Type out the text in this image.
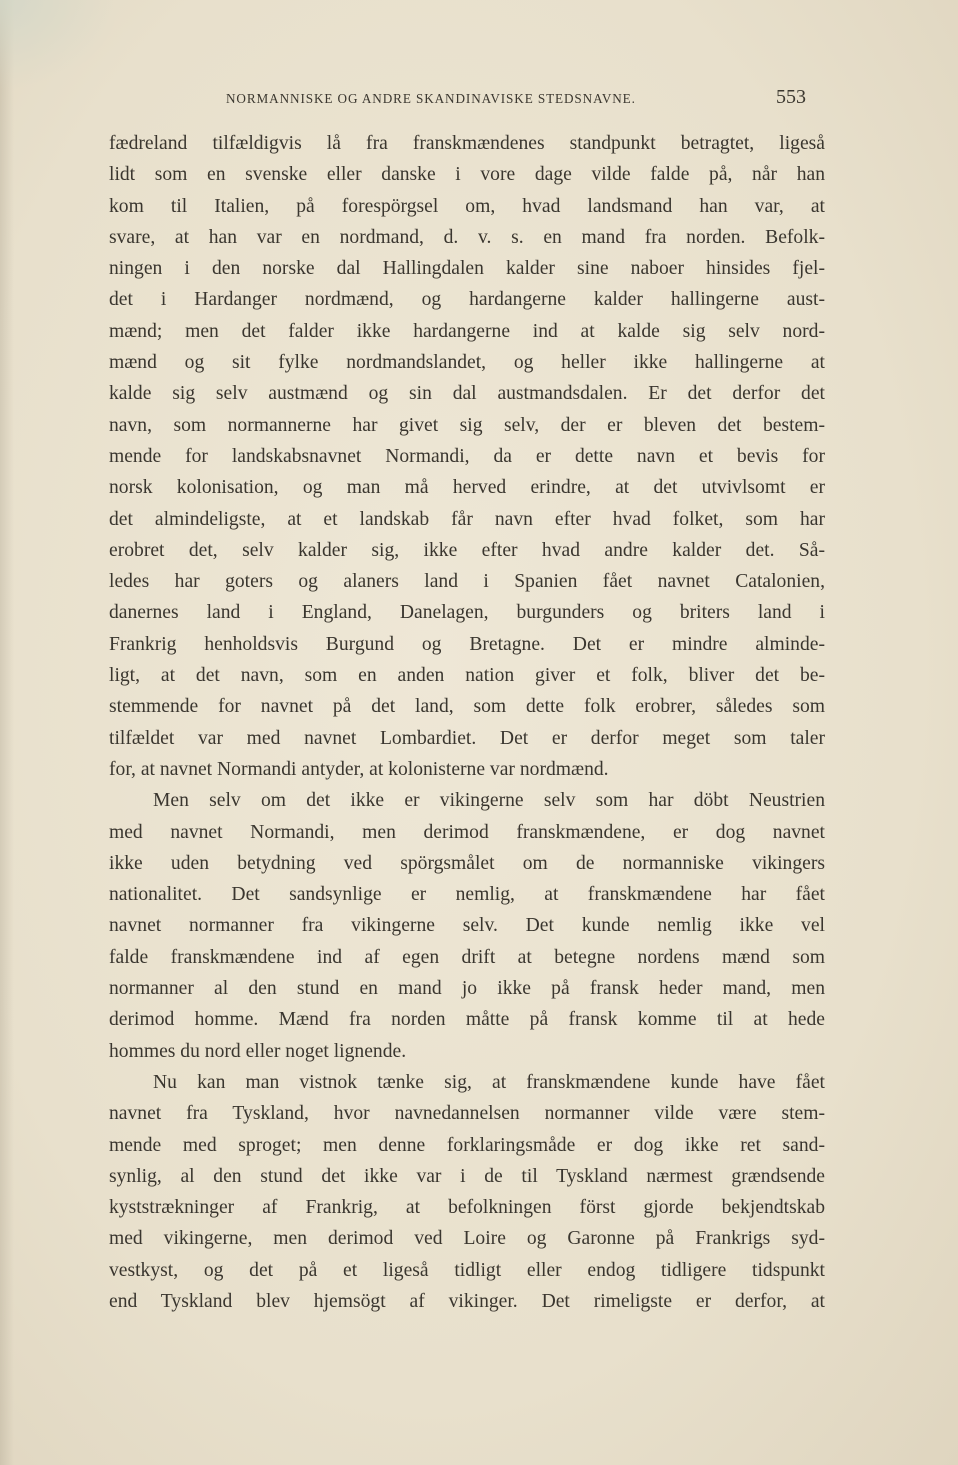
NORMANNISKE OG ANDRE SKANDINAVISKE STEDSNAVNE.	553
fædreland tilfældigvis lå fra franskmændenes standpunkt betragtet, ligeså
lidt som en svenske eller danske i vore dage vilde falde på, når han
kom til Italien, på forespörgsel om, hvad landsmand han var, at
svare, at han var en nordmand, d. v. s. en mand fra norden. Befolk-
ningen i den norske dal Hallingdalen kalder sine naboer hinsides fjel-
det i Hardanger nordmænd, og hardangerne kalder hallingerne aust-
mænd; men det falder ikke hardangerne ind at kalde sig selv nord-
mænd og sit fylke nordmandslandet, og heller ikke hallingerne at
kalde sig selv austmænd og sin dal austmandsdalen. Er det derfor det
navn, som normannerne har givet sig selv, der er bleven det bestem-
mende for landskabsnavnet Normandi, da er dette navn et bevis for
norsk kolonisation, og man må herved erindre, at det utvivlsomt er
det almindeligste, at et landskab får navn efter hvad folket, som har
erobret det, selv kalder sig, ikke efter hvad andre kalder det. Så-
ledes har goters og alaners land i Spanien fået navnet Catalonien,
danernes land i England, Danelagen, burgunders og briters land i
Frankrig henholdsvis Burgund og Bretagne. Det er mindre alminde-
ligt, at det navn, som en anden nation giver et folk, bliver det be-
stemmende for navnet på det land, som dette folk erobrer, således som
tilfældet var med navnet Lombardiet. Det er derfor meget som taler
for, at navnet Normandi antyder, at kolonisterne var nordmænd.
Men selv om det ikke er vikingerne selv som har döbt Neustrien
med navnet Normandi, men derimod franskmændene, er dog navnet
ikke uden betydning ved spörgsmålet om de normanniske vikingers
nationalitet. Det sandsynlige er nemlig, at franskmændene har fået
navnet normanner fra vikingerne selv. Det kunde nemlig ikke vel
falde franskmændene ind af egen drift at betegne nordens mænd som
normanner al den stund en mand jo ikke på fransk heder mand, men
derimod homme. Mænd fra norden måtte på fransk komme til at hede
hommes du nord eller noget lignende.
Nu kan man vistnok tænke sig, at franskmændene kunde have fået
navnet fra Tyskland, hvor navnedannelsen normanner vilde være stem-
mende med sproget; men denne forklaringsmåde er dog ikke ret sand-
synlig, al den stund det ikke var i de til Tyskland nærmest grændsende
kyststrækninger af Frankrig, at befolkningen först gjorde bekjendtskab
med vikingerne, men derimod ved Loire og Garonne på Frankrigs syd-
vestkyst, og det på et ligeså tidligt eller endog tidligere tidspunkt
end Tyskland blev hjemsögt af vikinger. Det rimeligste er derfor, at
